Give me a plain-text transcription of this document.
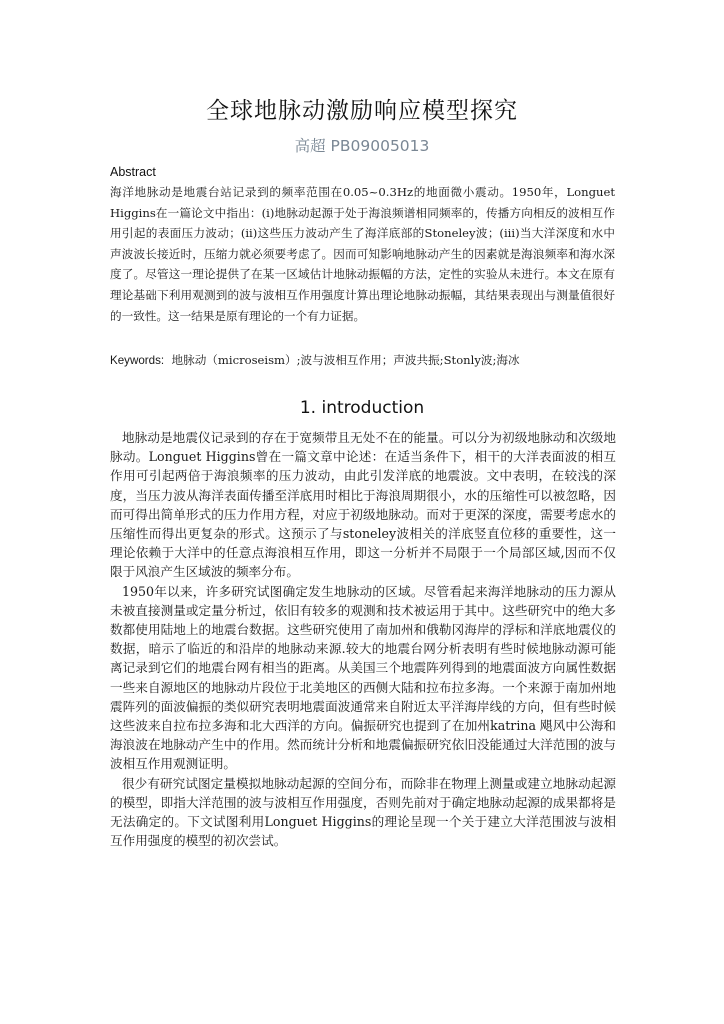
全球地脉动激励响应模型探究
高超 PB09005013
Abstract

海洋地脉动是地震台站记录到的频率范围在0.05~0.3Hz的地面微小震动。1950年，Longuet Higgins在一篇论文中指出：(i)地脉动起源于处于海浪频谱相同频率的，传播方向相反的波相互作用引起的表面压力波动；(ii)这些压力波动产生了海洋底部的Stoneley波；(iii)当大洋深度和水中声波波长接近时，压缩力就必须要考虑了。因而可知影响地脉动产生的因素就是海浪频率和海水深度了。尽管这一理论提供了在某一区域估计地脉动振幅的方法，定性的实验从未进行。本文在原有理论基础下利用观测到的波与波相互作用强度计算出理论地脉动振幅，其结果表现出与测量值很好的一致性。这一结果是原有理论的一个有力证据。

Keywords: 地脉动（microseism）;波与波相互作用；声波共振;Stonly波;海冰

1. introduction

地脉动是地震仪记录到的存在于宽频带且无处不在的能量。可以分为初级地脉动和次级地脉动。Longuet Higgins曾在一篇文章中论述：在适当条件下，相干的大洋表面波的相互作用可引起两倍于海浪频率的压力波动，由此引发洋底的地震波。文中表明，在较浅的深度，当压力波从海洋表面传播至洋底用时相比于海浪周期很小，水的压缩性可以被忽略，因而可得出简单形式的压力作用方程，对应于初级地脉动。而对于更深的深度，需要考虑水的压缩性而得出更复杂的形式。这预示了与stoneley波相关的洋底竖直位移的重要性，这一理论依赖于大洋中的任意点海浪相互作用，即这一分析并不局限于一个局部区域,因而不仅限于风浪产生区域波的频率分布。

1950年以来，许多研究试图确定发生地脉动的区域。尽管看起来海洋地脉动的压力源从未被直接测量或定量分析过，依旧有较多的观测和技术被运用于其中。这些研究中的绝大多数都使用陆地上的地震台数据。这些研究使用了南加州和俄勒冈海岸的浮标和洋底地震仪的数据，暗示了临近的和沿岸的地脉动来源.较大的地震台网分析表明有些时候地脉动源可能离记录到它们的地震台网有相当的距离。从美国三个地震阵列得到的地震面波方向属性数据一些来自源地区的地脉动片段位于北美地区的西侧大陆和拉布拉多海。一个来源于南加州地震阵列的面波偏振的类似研究表明地震面波通常来自附近太平洋海岸线的方向，但有些时候这些波来自拉布拉多海和北大西洋的方向。偏振研究也提到了在加州katrina 飓风中公海和海浪波在地脉动产生中的作用。然而统计分析和地震偏振研究依旧没能通过大洋范围的波与波相互作用观测证明。

很少有研究试图定量模拟地脉动起源的空间分布，而除非在物理上测量或建立地脉动起源的模型，即指大洋范围的波与波相互作用强度，否则先前对于确定地脉动起源的成果都将是无法确定的。下文试图利用Longuet Higgins的理论呈现一个关于建立大洋范围波与波相互作用强度的模型的初次尝试。
